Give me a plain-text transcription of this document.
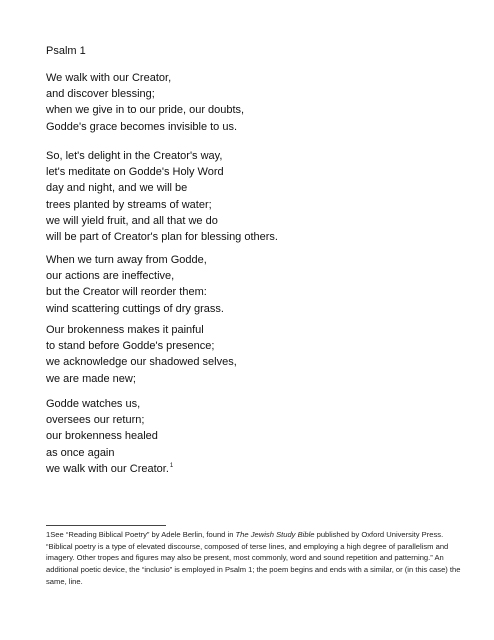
Psalm 1
We walk with our Creator,
and discover blessing;
when we give in to our pride, our doubts,
Godde's grace becomes invisible to us.
So, let's delight in the Creator's way,
let's meditate on Godde's Holy Word
day and night, and we will be
trees planted by streams of water;
we will yield fruit, and all that we do
will be part of Creator's plan for blessing others.
When we turn away from Godde,
our actions are ineffective,
but the Creator will reorder them:
wind scattering cuttings of dry grass.
Our brokenness makes it painful
to stand before Godde's presence;
we acknowledge our shadowed selves,
we are made new;
Godde watches us,
oversees our return;
our brokenness healed
as once again
we walk with our Creator.$^1$
1See “Reading Biblical Poetry” by Adele Berlin, found in The Jewish Study Bible published by Oxford University Press. “Biblical poetry is a type of elevated discourse, composed of terse lines, and employing a high degree of parallelism and imagery. Other tropes and figures may also be present, most commonly, word and sound repetition and patterning.” An additional poetic device, the “inclusio” is employed in Psalm 1; the poem begins and ends with a similar, or (in this case) the same, line.
